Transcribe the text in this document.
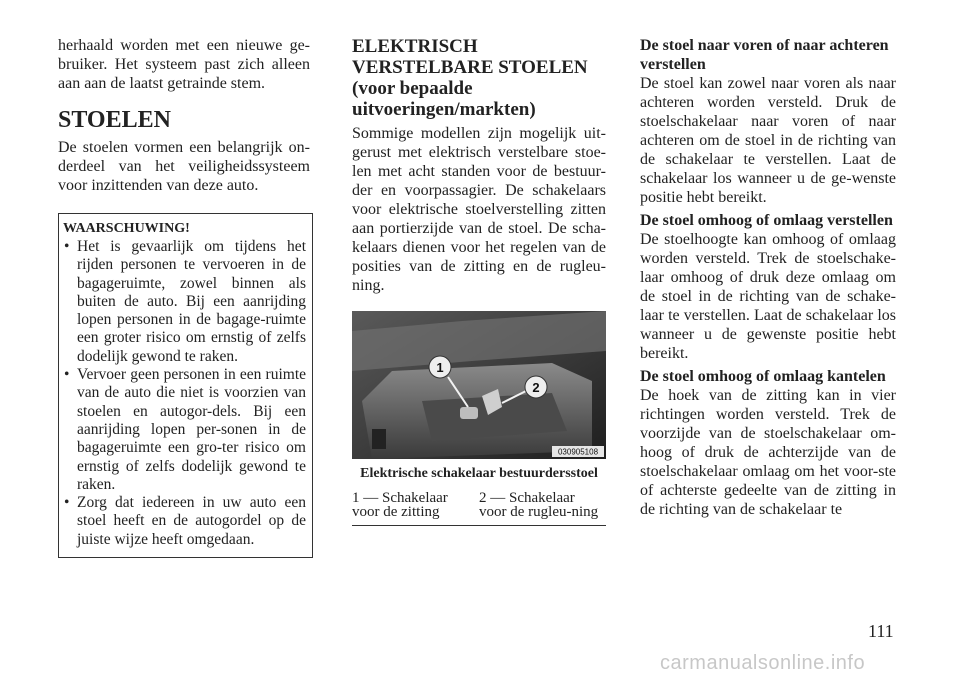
herhaald worden met een nieuwe ge-bruiker. Het systeem past zich alleen aan aan de laatst getrainde stem.

STOELEN

De stoelen vormen een belangrijk on-derdeel van het veiligheidssysteem voor inzittenden van deze auto.

WAARSCHUWING!
• Het is gevaarlijk om tijdens het rijden personen te vervoeren in de bagageruimte, zowel binnen als buiten de auto. Bij een aanrijding lopen personen in de bagage-ruimte een groter risico om ernstig of zelfs dodelijk gewond te raken.
• Vervoer geen personen in een ruimte van de auto die niet is voorzien van stoelen en autogor-dels. Bij een aanrijding lopen per-sonen in de bagageruimte een gro-ter risico om ernstig of zelfs dodelijk gewond te raken.
• Zorg dat iedereen in uw auto een stoel heeft en de autogordel op de juiste wijze heeft omgedaan.
ELEKTRISCH VERSTELBARE STOELEN (voor bepaalde uitvoeringen/markten)

Sommige modellen zijn mogelijk uit-gerust met elektrisch verstelbare stoe-len met acht standen voor de bestuur-der en voorpassagier. De schakelaars voor elektrische stoelverstelling zitten aan portierzijde van de stoel. De scha-kelaars dienen voor het regelen van de posities van de zitting en de rugleu-ning.

1
2
030905108
Elektrische schakelaar bestuurdersstoel
1 — Schakelaar voor de zitting
2 — Schakelaar voor de rugleu-ning
De stoel naar voren of naar achteren verstellen

De stoel kan zowel naar voren als naar achteren worden versteld. Druk de stoelschakelaar naar voren of naar achteren om de stoel in de richting van de schakelaar te verstellen. Laat de schakelaar los wanneer u de ge-wenste positie hebt bereikt.

De stoel omhoog of omlaag verstellen

De stoelhoogte kan omhoog of omlaag worden versteld. Trek de stoelschake-laar omhoog of druk deze omlaag om de stoel in de richting van de schake-laar te verstellen. Laat de schakelaar los wanneer u de gewenste positie hebt bereikt.

De stoel omhoog of omlaag kantelen

De hoek van de zitting kan in vier richtingen worden versteld. Trek de voorzijde van de stoelschakelaar om-hoog of druk de achterzijde van de stoelschakelaar omlaag om het voor-ste of achterste gedeelte van de zitting in de richting van de schakelaar te

111
carmanualsonline.info
